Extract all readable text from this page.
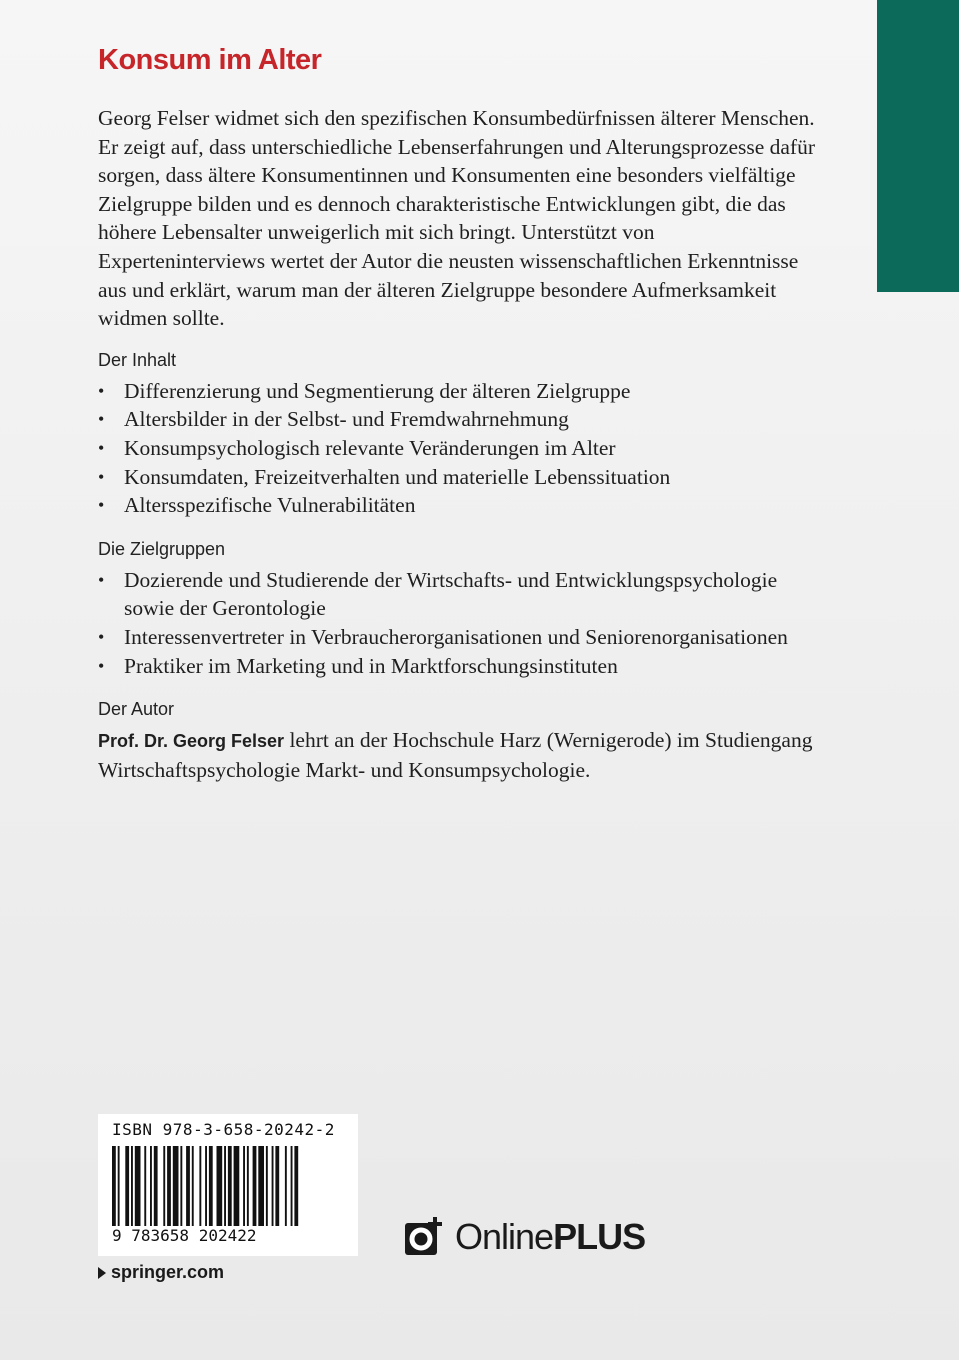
Konsum im Alter

Georg Felser widmet sich den spezifischen Konsumbedürfnissen älterer Menschen. Er zeigt auf, dass unterschiedliche Lebenserfahrungen und Alterungsprozesse dafür sorgen, dass ältere Konsumentinnen und Konsumenten eine besonders vielfältige Zielgruppe bilden und es dennoch charakteristische Entwicklungen gibt, die das höhere Lebensalter unweigerlich mit sich bringt. Unterstützt von Experteninterviews wertet der Autor die neusten wissenschaftlichen Erkenntnisse aus und erklärt, warum man der älteren Zielgruppe besondere Aufmerksamkeit widmen sollte.

Der Inhalt
• Differenzierung und Segmentierung der älteren Zielgruppe
• Altersbilder in der Selbst- und Fremdwahrnehmung
• Konsumpsychologisch relevante Veränderungen im Alter
• Konsumdaten, Freizeitverhalten und materielle Lebenssituation
• Altersspezifische Vulnerabilitäten
Die Zielgruppen
• Dozierende und Studierende der Wirtschafts- und Entwicklungspsychologie sowie der Gerontologie
• Interessenvertreter in Verbraucherorganisationen und Seniorenorganisationen
• Praktiker im Marketing und in Marktforschungsinstituten
Der Autor

Prof. Dr. Georg Felser lehrt an der Hochschule Harz (Wernigerode) im Studiengang Wirtschaftspsychologie Markt- und Konsumpsychologie.

ISBN 978-3-658-20242-2
9 783658 202422
springer.com
Online PLUS
